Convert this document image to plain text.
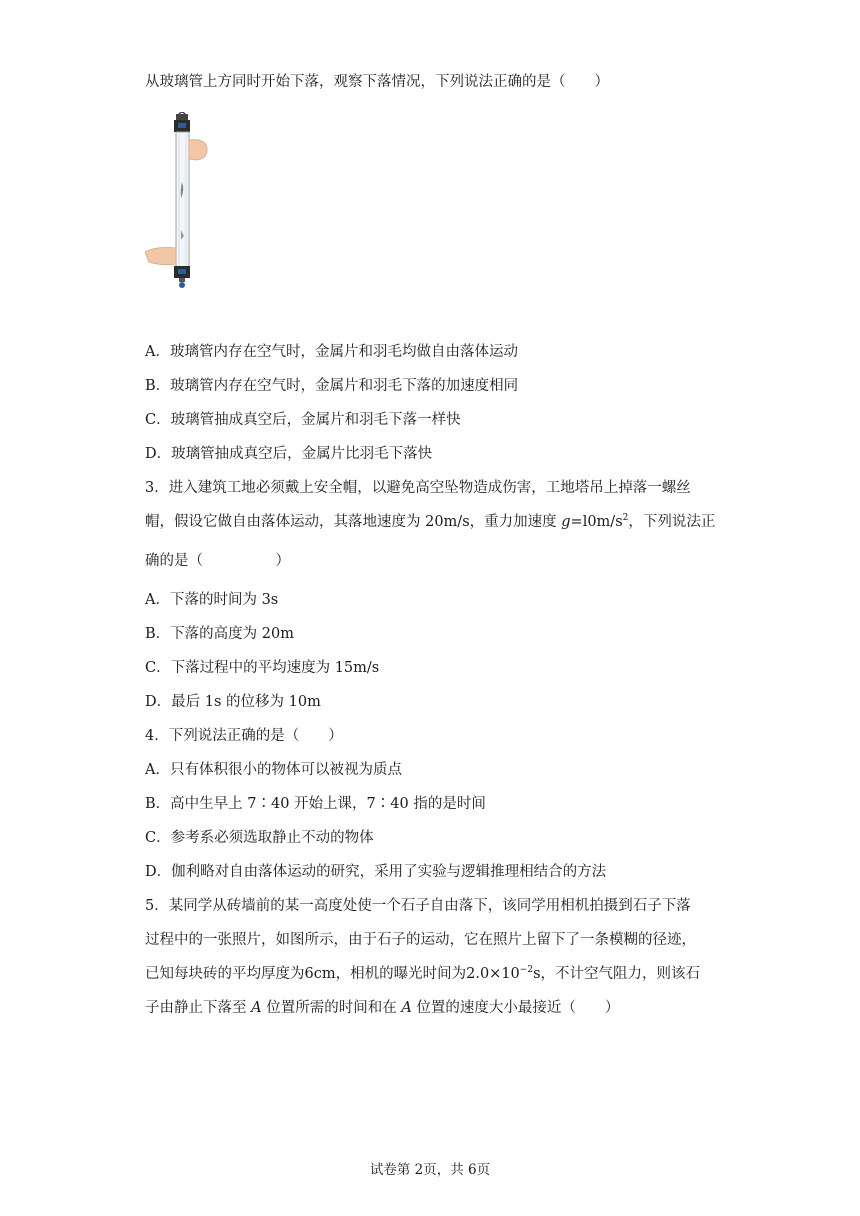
从玻璃管上方同时开始下落，观察下落情况，下列说法正确的是（　　）
A．玻璃管内存在空气时，金属片和羽毛均做自由落体运动
B．玻璃管内存在空气时，金属片和羽毛下落的加速度相同
C．玻璃管抽成真空后，金属片和羽毛下落一样快
D．玻璃管抽成真空后，金属片比羽毛下落快
3．进入建筑工地必须戴上安全帽，以避免高空坠物造成伤害，工地塔吊上掉落一螺丝
帽，假设它做自由落体运动，其落地速度为 20m/s，重力加速度 $g=l0m/s^2$，下列说法正
确的是（　　　　　）
A．下落的时间为 3s
B．下落的高度为 20m
C．下落过程中的平均速度为 15m/s
D．最后 1s 的位移为 10m
4．下列说法正确的是（　　）
A．只有体积很小的物体可以被视为质点
B．高中生早上 7∶40 开始上课，7∶40 指的是时间
C．参考系必须选取静止不动的物体
D．伽利略对自由落体运动的研究，采用了实验与逻辑推理相结合的方法
5．某同学从砖墙前的某一高度处使一个石子自由落下，该同学用相机拍摄到石子下落
过程中的一张照片，如图所示，由于石子的运动，它在照片上留下了一条模糊的径迹，
已知每块砖的平均厚度为6cm，相机的曝光时间为$2.0\times 10^{-2}s$，不计空气阻力，则该石
子由静止下落至 A 位置所需的时间和在 A 位置的速度大小最接近（　　）
试卷第 2页，共 6页
